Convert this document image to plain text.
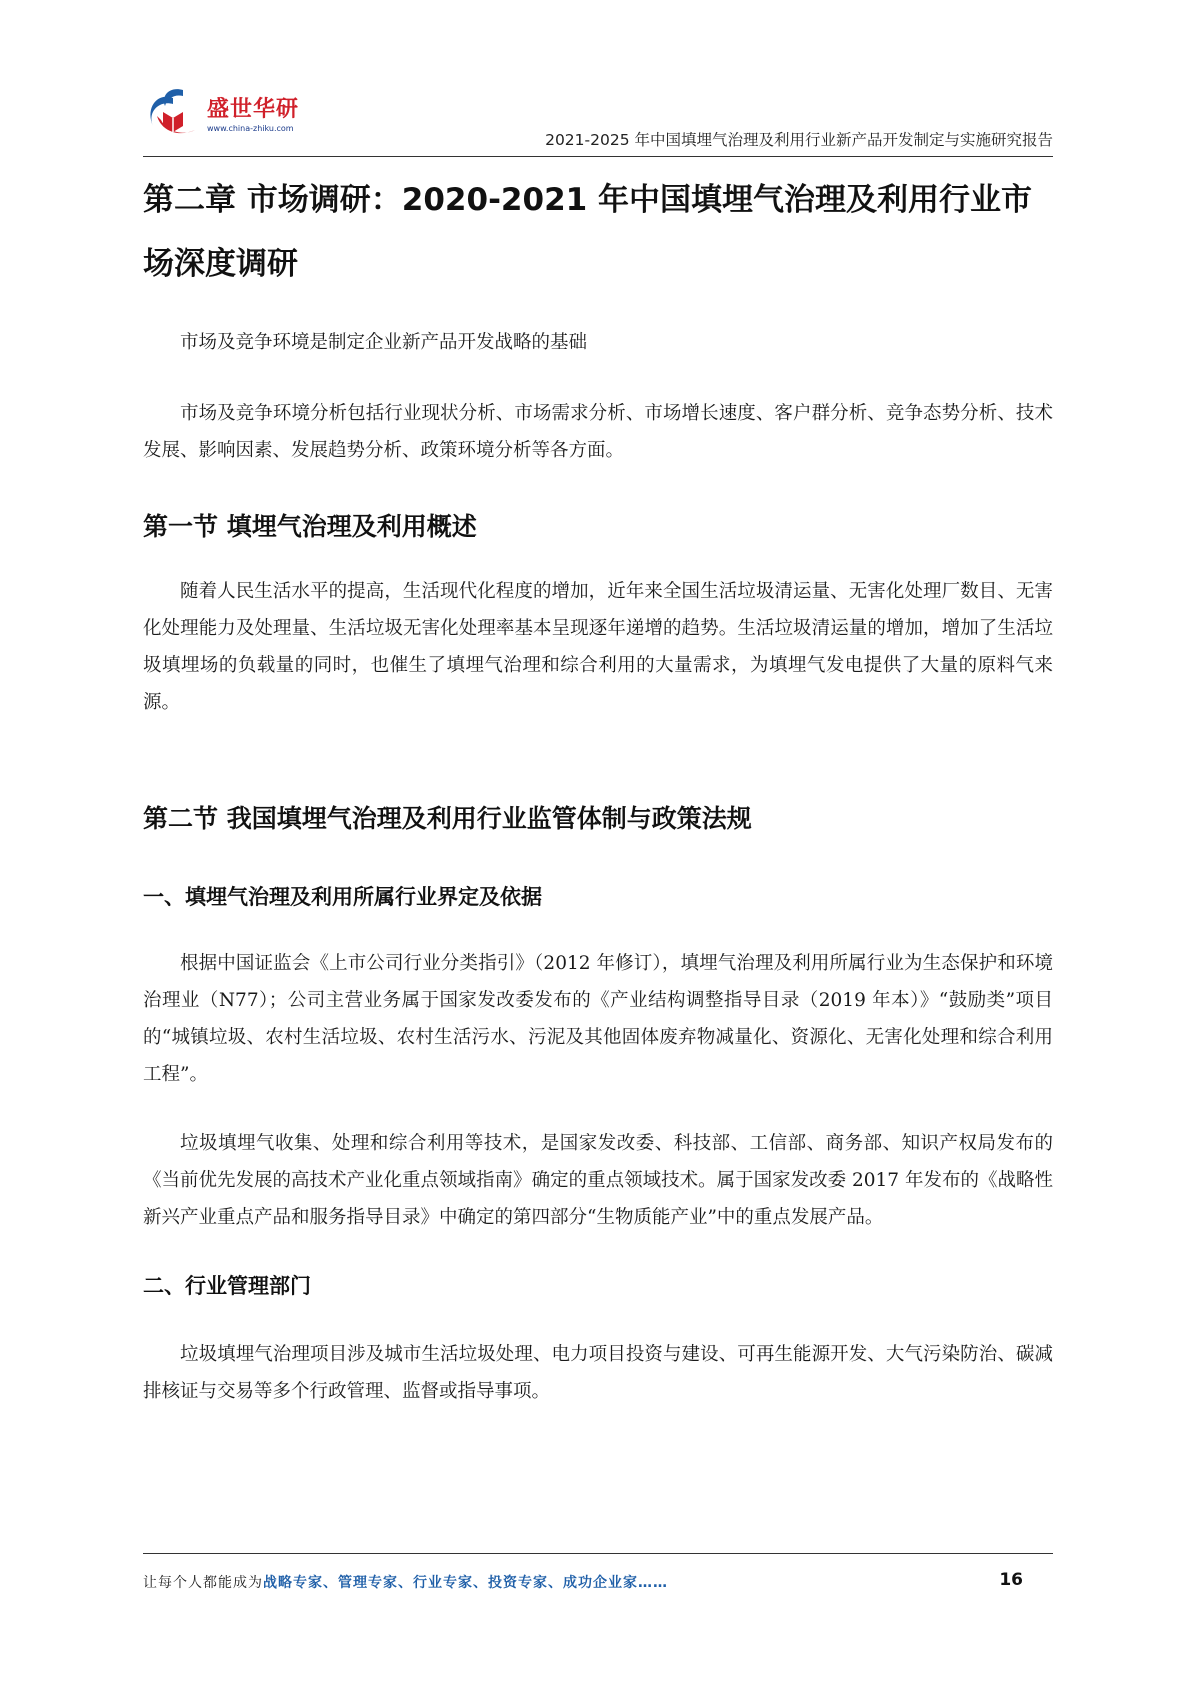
盛世华研
www.china-zhiku.com
2021-2025 年中国填埋气治理及利用行业新产品开发制定与实施研究报告
第二章 市场调研：2020-2021 年中国填埋气治理及利用行业市场深度调研

市场及竞争环境是制定企业新产品开发战略的基础

市场及竞争环境分析包括行业现状分析、市场需求分析、市场增长速度、客户群分析、竞争态势分析、技术发展、影响因素、发展趋势分析、政策环境分析等各方面。

第一节 填埋气治理及利用概述

随着人民生活水平的提高，生活现代化程度的增加，近年来全国生活垃圾清运量、无害化处理厂数目、无害化处理能力及处理量、生活垃圾无害化处理率基本呈现逐年递增的趋势。生活垃圾清运量的增加，增加了生活垃圾填埋场的负载量的同时，也催生了填埋气治理和综合利用的大量需求，为填埋气发电提供了大量的原料气来源。

第二节 我国填埋气治理及利用行业监管体制与政策法规
一、填埋气治理及利用所属行业界定及依据

根据中国证监会《上市公司行业分类指引》（2012 年修订），填埋气治理及利用所属行业为生态保护和环境治理业（N77）；公司主营业务属于国家发改委发布的《产业结构调整指导目录（2019 年本）》“鼓励类”项目的“城镇垃圾、农村生活垃圾、农村生活污水、污泥及其他固体废弃物减量化、资源化、无害化处理和综合利用工程”。

垃圾填埋气收集、处理和综合利用等技术，是国家发改委、科技部、工信部、商务部、知识产权局发布的《当前优先发展的高技术产业化重点领域指南》确定的重点领域技术。属于国家发改委 2017 年发布的《战略性新兴产业重点产品和服务指导目录》中确定的第四部分“生物质能产业”中的重点发展产品。

二、行业管理部门

垃圾填埋气治理项目涉及城市生活垃圾处理、电力项目投资与建设、可再生能源开发、大气污染防治、碳减排核证与交易等多个行政管理、监督或指导事项。

让每个人都能成为战略专家、管理专家、行业专家、投资专家、成功企业家……	16
